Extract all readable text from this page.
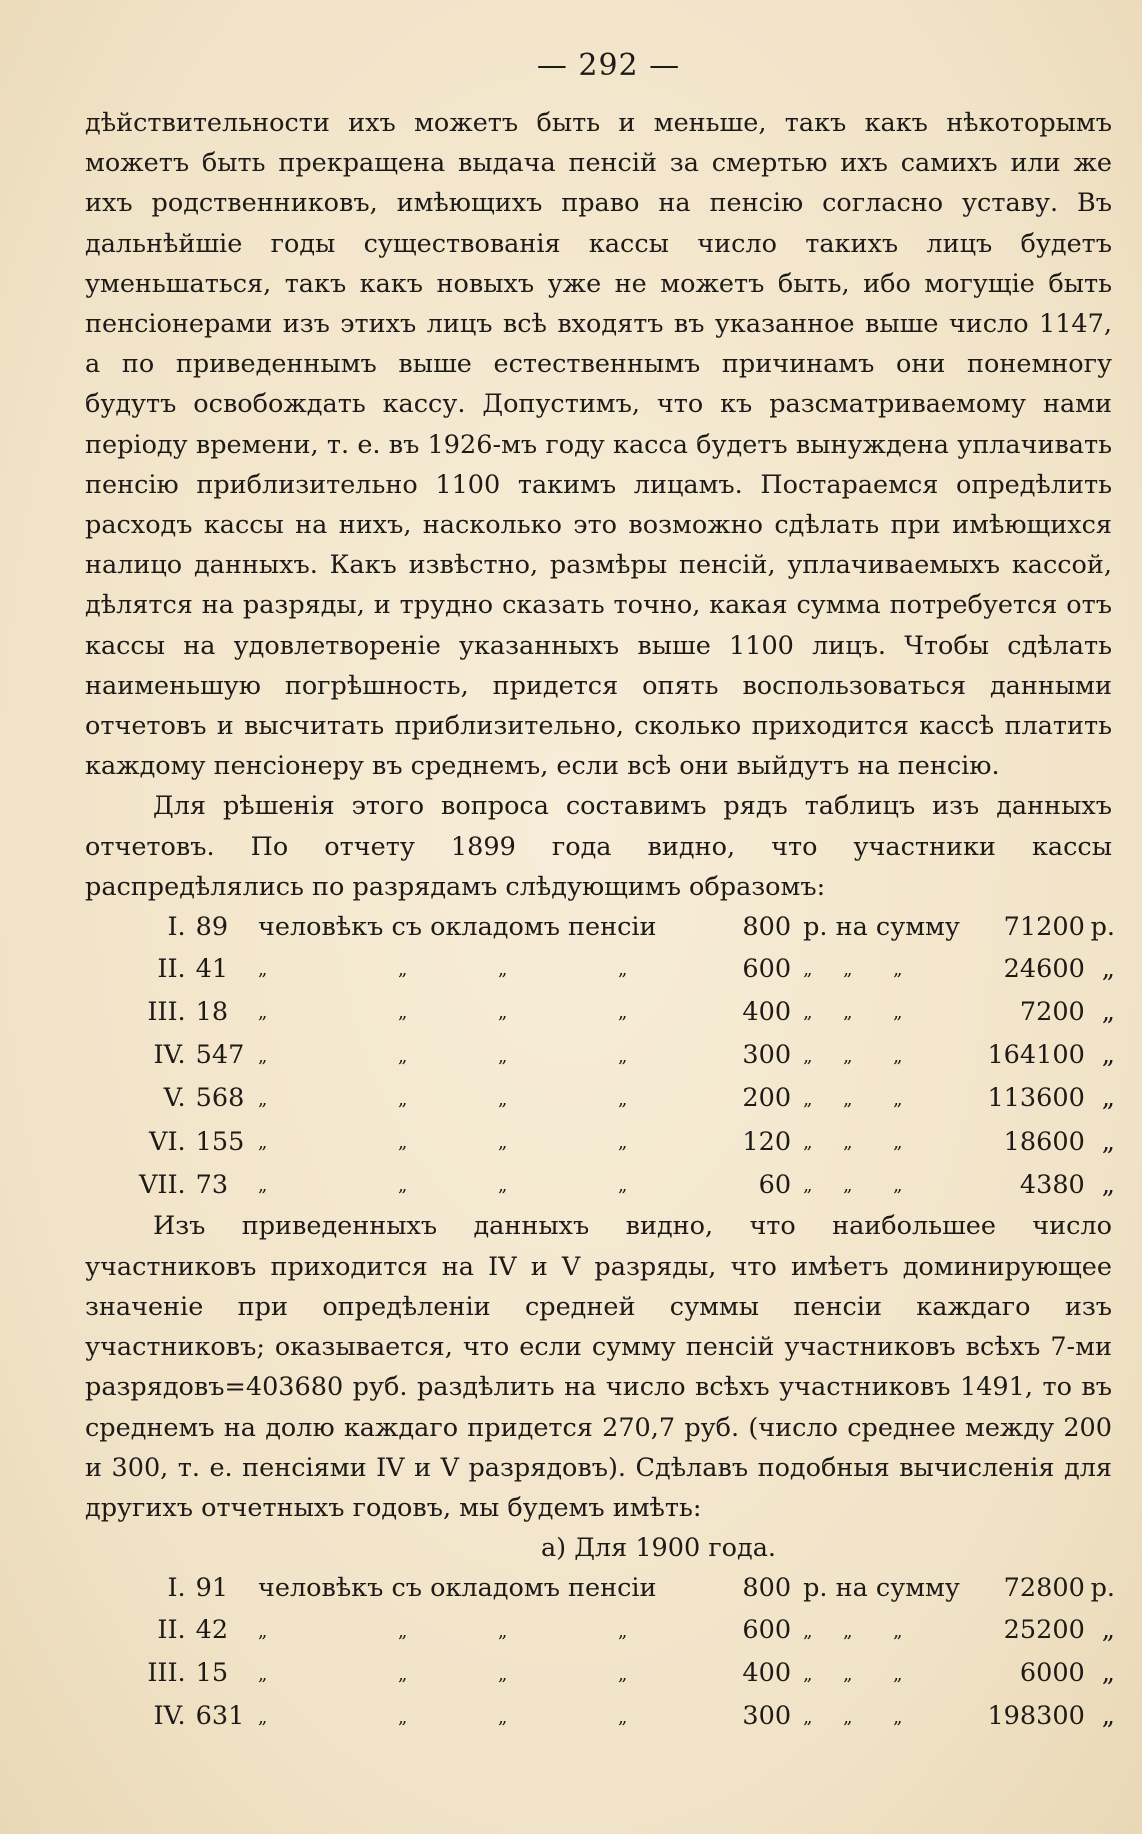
— 292 —

дѣйствительности ихъ можетъ быть и меньше, такъ какъ нѣкоторымъ можетъ быть прекращена выдача пенсій за смертью ихъ самихъ или же ихъ родственниковъ, имѣющихъ право на пенсію согласно уставу. Въ дальнѣйшіе годы существованія кассы число такихъ лицъ будетъ уменьшаться, такъ какъ новыхъ уже не можетъ быть, ибо могущіе быть пенсіонерами изъ этихъ лицъ всѣ входятъ въ указанное выше число 1147, а по приведеннымъ выше естественнымъ причинамъ они понемногу будутъ освобождать кассу. Допустимъ, что къ разсматриваемому нами періоду времени, т. е. въ 1926-мъ году касса будетъ вынуждена уплачивать пенсію приблизительно 1100 такимъ лицамъ. Постараемся опредѣлить расходъ кассы на нихъ, насколько это возможно сдѣлать при имѣющихся налицо данныхъ. Какъ извѣстно, размѣры пенсій, уплачиваемыхъ кассой, дѣлятся на разряды, и трудно сказать точно, какая сумма потребуется отъ кассы на удовлетвореніе указанныхъ выше 1100 лицъ. Чтобы сдѣлать наименьшую погрѣшность, придется опять воспользоваться данными отчетовъ и высчитать приблизительно, сколько приходится кассѣ платить каждому пенсіонеру въ среднемъ, если всѣ они выйдутъ на пенсію.

Для рѣшенія этого вопроса составимъ рядъ таблицъ изъ данныхъ отчетовъ. По отчету 1899 года видно, что участники кассы распредѣлялись по разрядамъ слѣдующимъ образомъ:

I.	89	человѣкъ съ окладомъ пенсіи	800	р. на сумму	71200	р.
II.	41	„ „ „ „	600	„ „ „	24600	„
III.	18	„ „ „ „	400	„ „ „	7200	„
IV.	547	„ „ „ „	300	„ „ „	164100	„
V.	568	„ „ „ „	200	„ „ „	113600	„
VI.	155	„ „ „ „	120	„ „ „	18600	„
VII.	73	„ „ „ „	60	„ „ „	4380	„

Изъ приведенныхъ данныхъ видно, что наибольшее число участниковъ приходится на IV и V разряды, что имѣетъ доминирующее значеніе при опредѣленіи средней суммы пенсіи каждаго изъ участниковъ; оказывается, что если сумму пенсій участниковъ всѣхъ 7-ми разрядовъ=403680 руб. раздѣлить на число всѣхъ участниковъ 1491, то въ среднемъ на долю каждаго придется 270,7 руб. (число среднее между 200 и 300, т. е. пенсіями IV и V разрядовъ). Сдѣлавъ подобныя вычисленія для другихъ отчетныхъ годовъ, мы будемъ имѣть:

а) Для 1900 года.

I.	91	человѣкъ съ окладомъ пенсіи	800	р. на сумму	72800	р.
II.	42	„ „ „ „	600	„ „ „	25200	„
III.	15	„ „ „ „	400	„ „ „	6000	„
IV.	631	„ „ „ „	300	„ „ „	198300	„
